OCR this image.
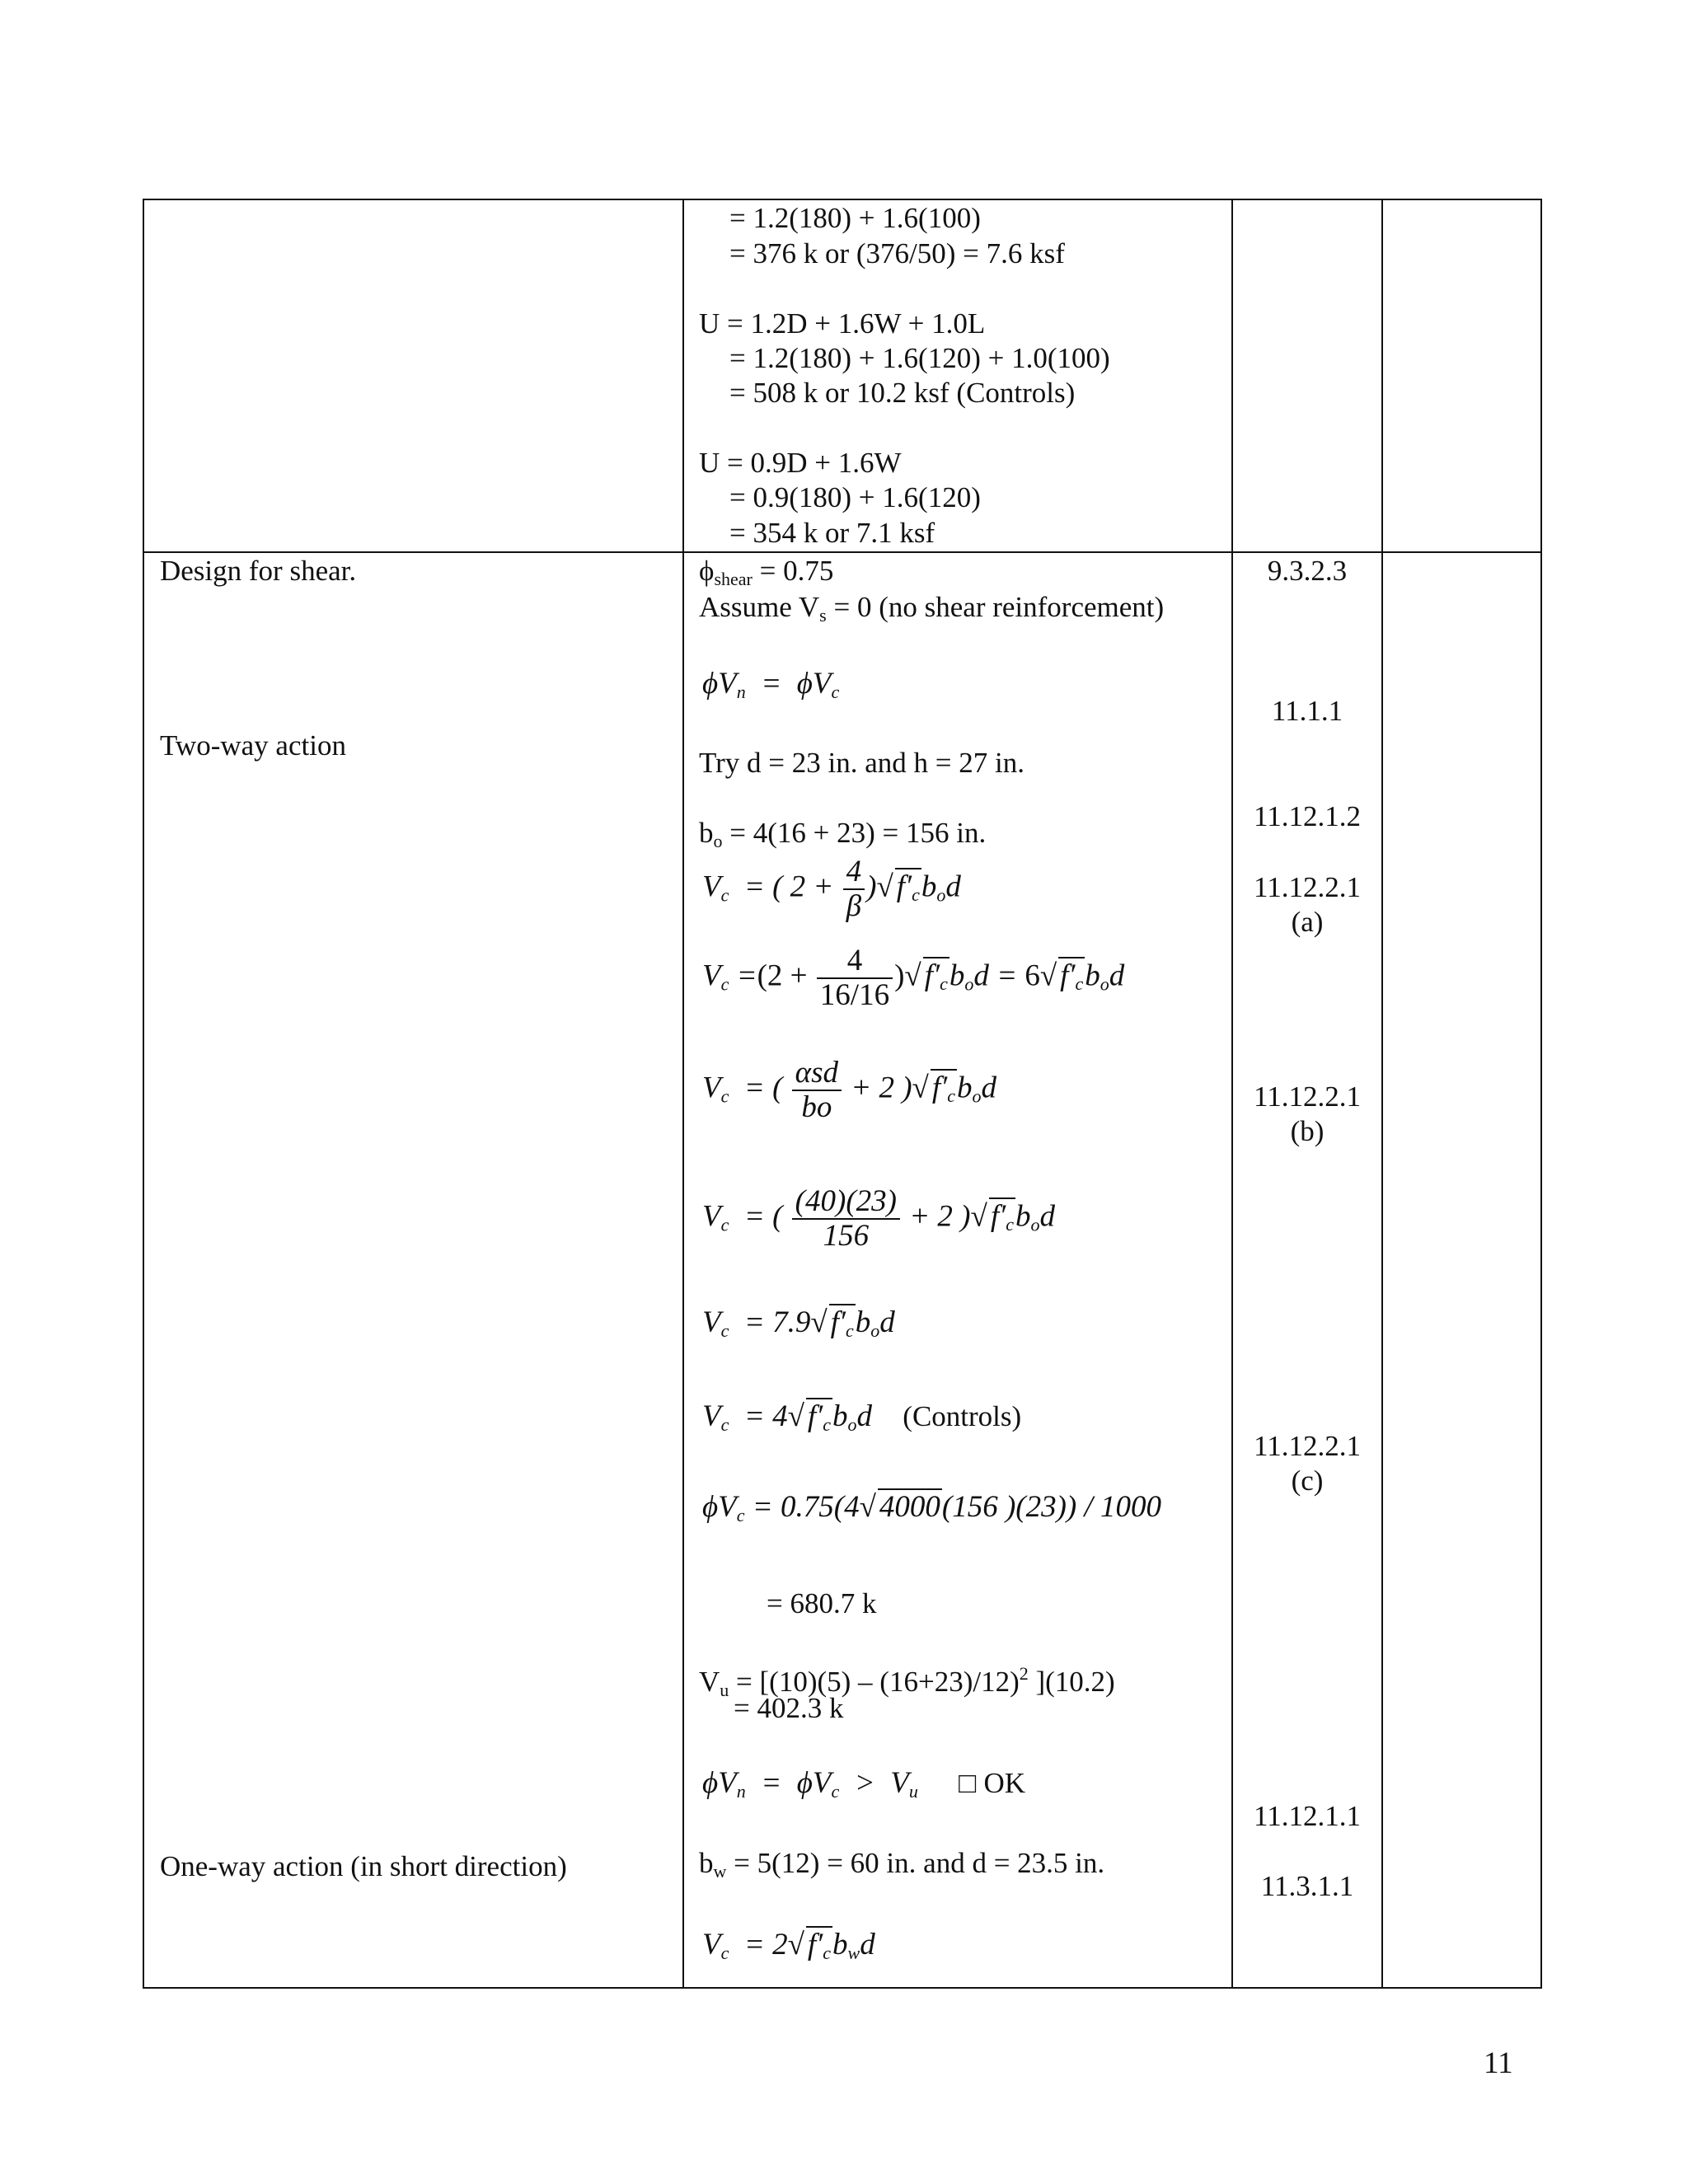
= 1.2(180) + 1.6(100)
= 376 k or (376/50) = 7.6 ksf
U = 1.2D + 1.6W + 1.0L
= 1.2(180) + 1.6(120) + 1.0(100)
= 508 k or 10.2 ksf (Controls)
U = 0.9D + 1.6W
= 0.9(180) + 1.6(120)
= 354 k or 7.1 ksf
Design for shear.
Two-way action
One-way action (in short direction)
$\phi_{shear} = 0.75$
Assume $V_s = 0$ (no shear reinforcement)
$\phi V_n = \phi V_c$
Try d = 23 in. and h = 27 in.
$b_o = 4(16 + 23) = 156$ in.
$V_c$  = ( $2 + \frac{4}{\beta}$ )√ $f'_cb_od$
$V_c =(2 + \frac{4}{16/16}$ )√ $f'_cb_od = 6√$ $f'_cb_od$
$V_c$  = ( αsd
bo
+ 2 )√ $f'_cb_od$
$V_c$  = ( $\frac{(40)(23)}{156} + 2$ )√ $f'_cb_od$
$V_c = 7.9√$ $f'_cb_od$
$V_c = 4√$ $f'_cb_od$ (Controls)
$\phi V_c = 0.75(4√$ 4000(156 )(23)) / 1000
= 680.7 k
$V_u = [(10)(5) - (16+23)/12)^2$ ](10.2)
= 402.3 k
$\phi V_n = \phi V_c > V_u$ □ OK
$b_w = 5(12) = 60$ in. and d = 23.5 in.
$V_c = 2√$ $f'_cb_wd$
9.3.2.3
11.1.1
11.12.1.2
11.12.2.1
(a)
11.12.2.1
(b)
11.12.2.1
(c)
11.12.1.1
11.3.1.1
11
